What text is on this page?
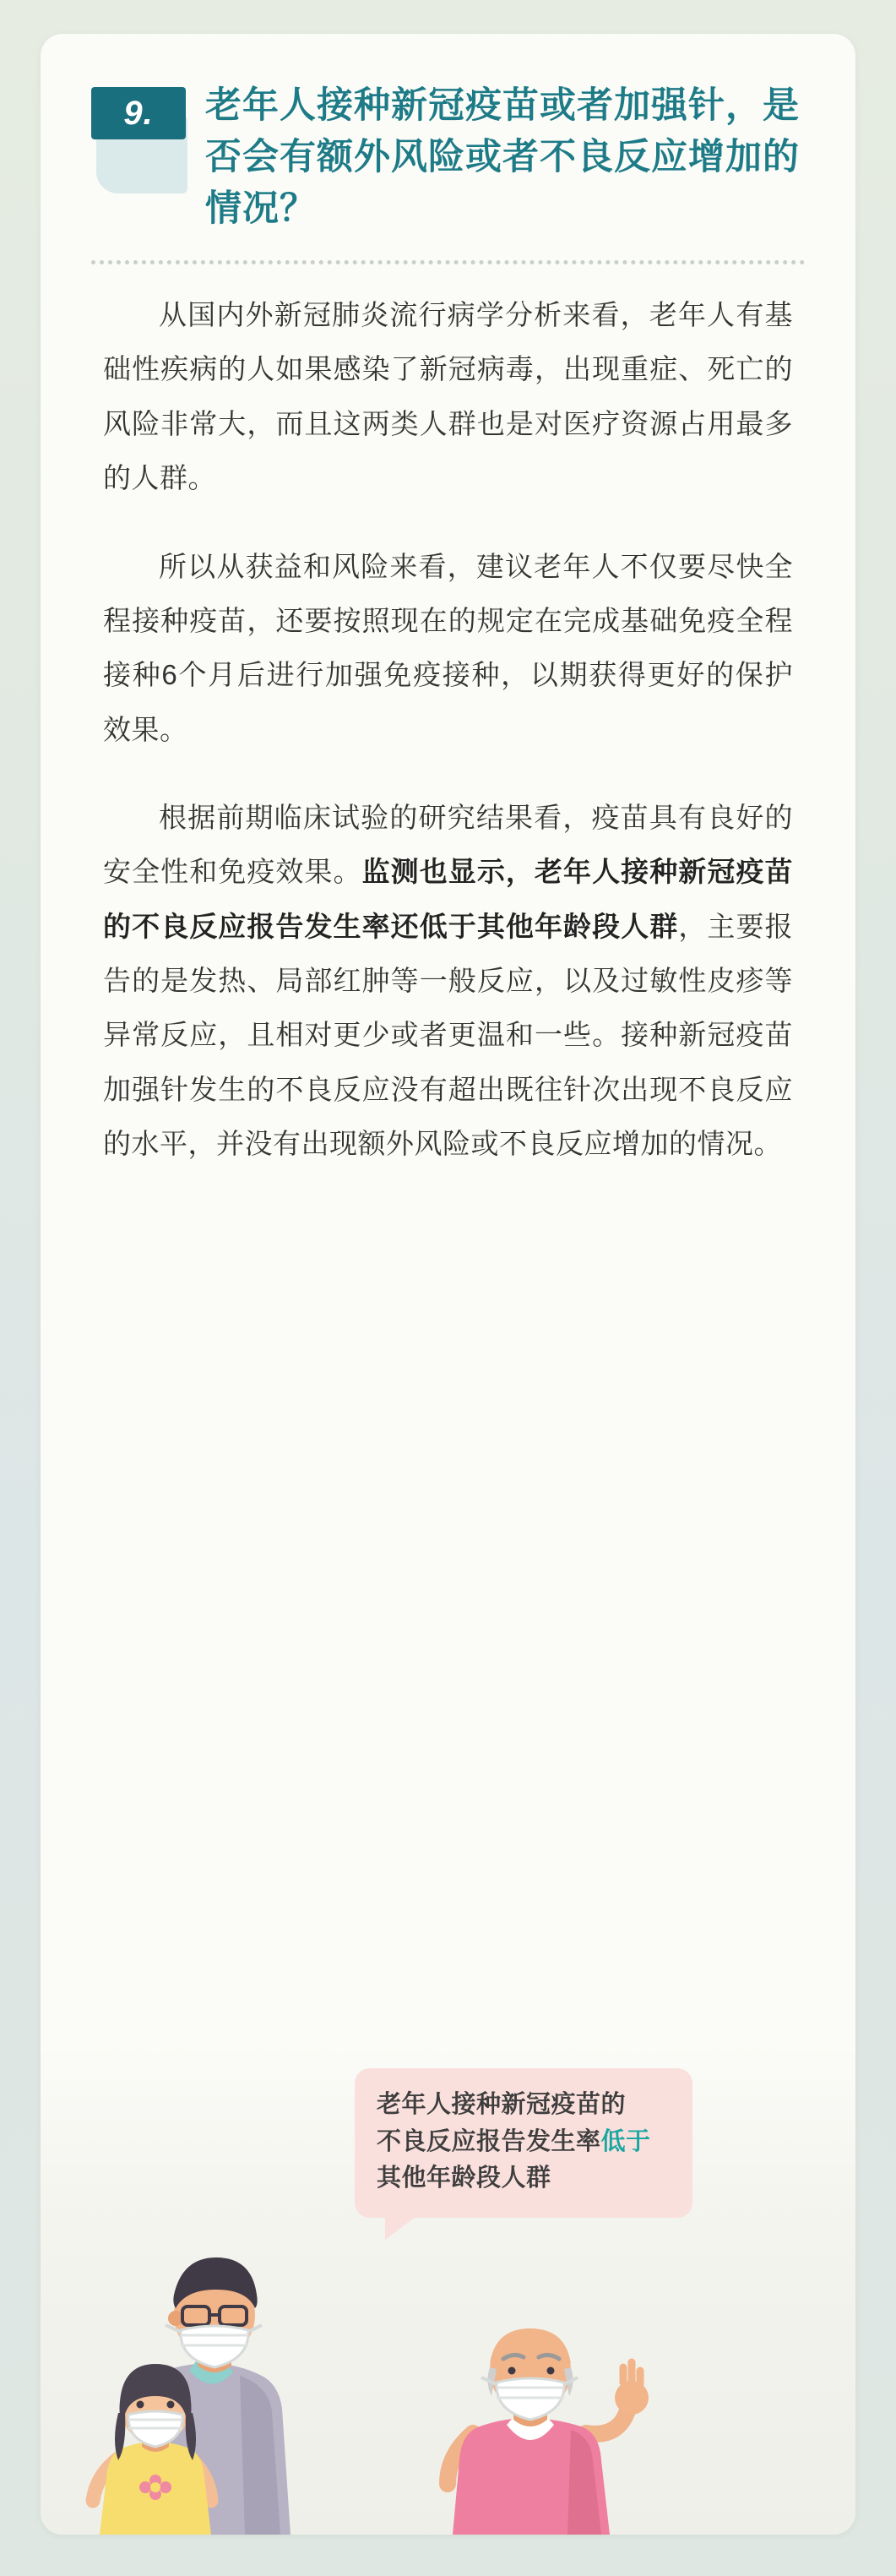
9. 老年人接种新冠疫苗或者加强针，是否会有额外风险或者不良反应增加的情况？

从国内外新冠肺炎流行病学分析来看，老年人有基础性疾病的人如果感染了新冠病毒，出现重症、死亡的风险非常大，而且这两类人群也是对医疗资源占用最多的人群。

所以从获益和风险来看，建议老年人不仅要尽快全程接种疫苗，还要按照现在的规定在完成基础免疫全程接种6个月后进行加强免疫接种，以期获得更好的保护效果。

根据前期临床试验的研究结果看，疫苗具有良好的安全性和免疫效果。监测也显示，老年人接种新冠疫苗的不良反应报告发生率还低于其他年龄段人群，主要报告的是发热、局部红肿等一般反应，以及过敏性皮疹等异常反应，且相对更少或者更温和一些。接种新冠疫苗加强针发生的不良反应没有超出既往针次出现不良反应的水平，并没有出现额外风险或不良反应增加的情况。

老年人接种新冠疫苗的
不良反应报告发生率低于
其他年龄段人群
